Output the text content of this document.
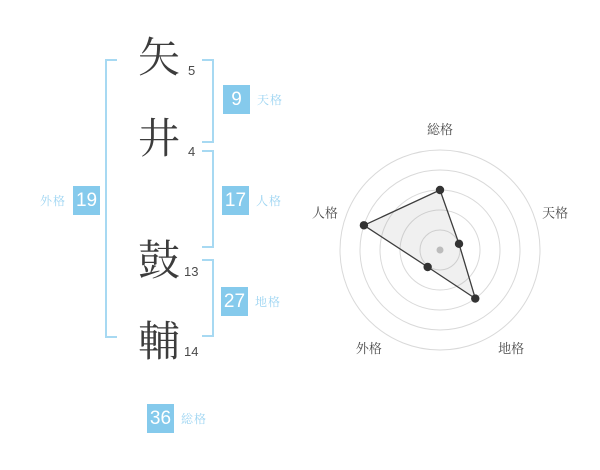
矢
井
鼓
輔
5
4
13
14
9	天格
17 人格
27 地格
外格 19
36 総格
総格
天格
地格
外格
人格
